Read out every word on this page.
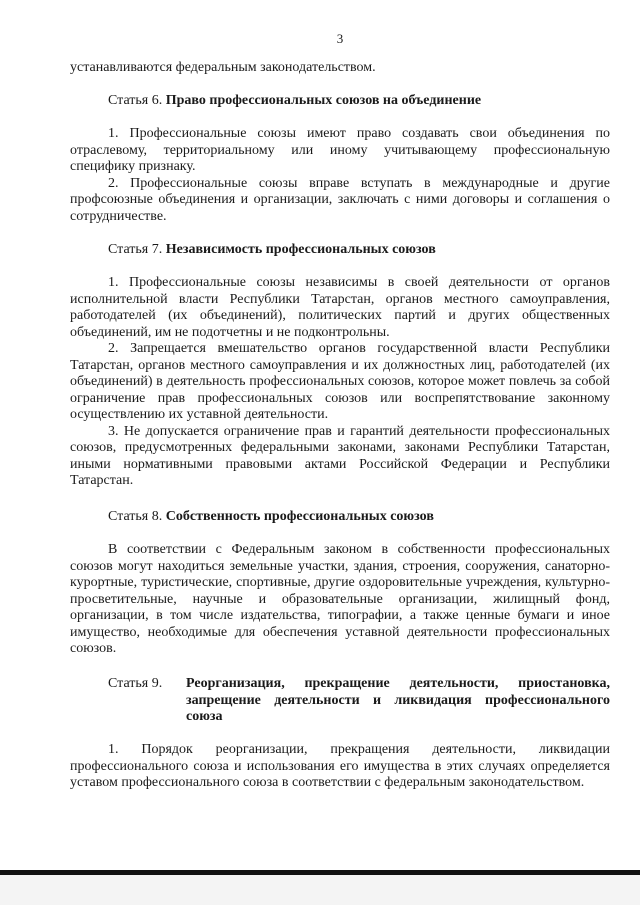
3

устанавливаются федеральным законодательством.

Статья 6. Право профессиональных союзов на объединение

1. Профессиональные союзы имеют право создавать свои объединения по отраслевому, территориальному или иному учитывающему профессиональную специфику признаку.

2. Профессиональные союзы вправе вступать в международные и другие профсоюзные объединения и организации, заключать с ними договоры и соглашения о сотрудничестве.

Статья 7. Независимость профессиональных союзов

1. Профессиональные союзы независимы в своей деятельности от органов исполнительной власти Республики Татарстан, органов местного самоуправления, работодателей (их объединений), политических партий и других общественных объединений, им не подотчетны и не подконтрольны.

2. Запрещается вмешательство органов государственной власти Республики Татарстан, органов местного самоуправления и их должностных лиц, работодателей (их объединений) в деятельность профессиональных союзов, которое может повлечь за собой ограничение прав профессиональных союзов или воспрепятствование законному осуществлению их уставной деятельности.

3. Не допускается ограничение прав и гарантий деятельности профессиональных союзов, предусмотренных федеральными законами, законами Республики Татарстан, иными нормативными правовыми актами Российской Федерации и Республики Татарстан.

Статья 8. Собственность профессиональных союзов

В соответствии с Федеральным законом в собственности профессиональных союзов могут находиться земельные участки, здания, строения, сооружения, санаторно-курортные, туристические, спортивные, другие оздоровительные учреждения, культурно-просветительные, научные и образовательные организации, жилищный фонд, организации, в том числе издательства, типографии, а также ценные бумаги и иное имущество, необходимые для обеспечения уставной деятельности профессиональных союзов.

Статья 9.	Реорганизация, прекращение деятельности, приостановка, запрещение деятельности и ликвидация профессионального союза

1. Порядок реорганизации, прекращения деятельности, ликвидации профессионального союза и использования его имущества в этих случаях определяется уставом профессионального союза в соответствии с федеральным законодательством.
